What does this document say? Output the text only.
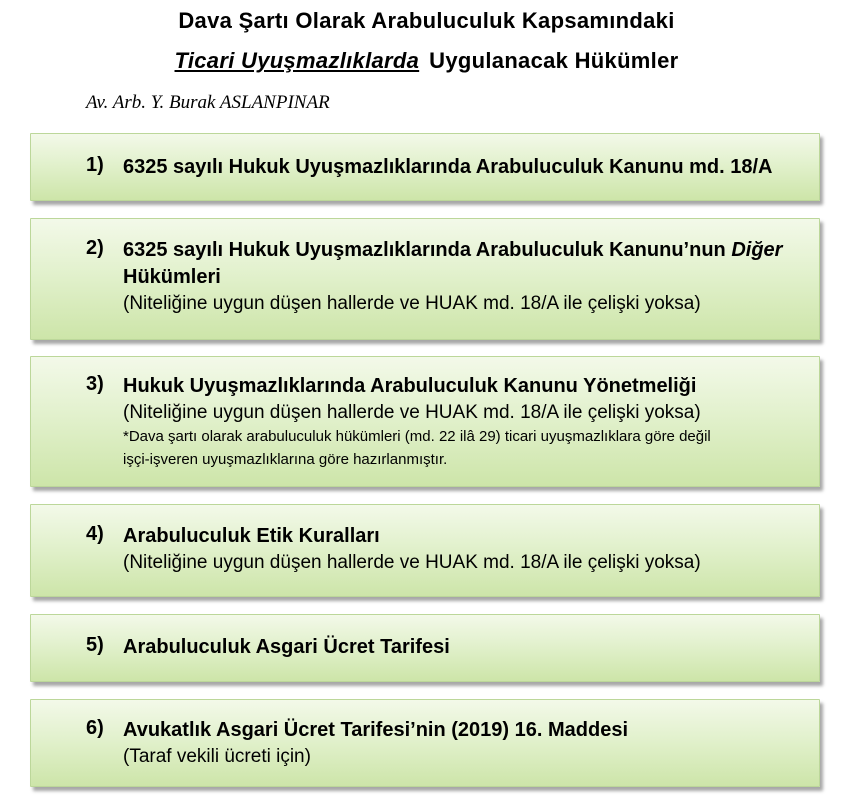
Dava Şartı Olarak Arabuluculuk Kapsamındaki
Ticari Uyuşmazlıklarda Uygulanacak Hükümler
Av. Arb. Y. Burak ASLANPINAR
1) 6325 sayılı Hukuk Uyuşmazlıklarında Arabuluculuk Kanunu md. 18/A
2) 6325 sayılı Hukuk Uyuşmazlıklarında Arabuluculuk Kanunu’nun Diğer
Hükümleri
(Niteliğine uygun düşen hallerde ve HUAK md. 18/A ile çelişki yoksa)
3) Hukuk Uyuşmazlıklarında Arabuluculuk Kanunu Yönetmeliği
(Niteliğine uygun düşen hallerde ve HUAK md. 18/A ile çelişki yoksa)
*Dava şartı olarak arabuluculuk hükümleri (md. 22 ilâ 29) ticari uyuşmazlıklara göre değil
işçi-işveren uyuşmazlıklarına göre hazırlanmıştır.
4) Arabuluculuk Etik Kuralları
(Niteliğine uygun düşen hallerde ve HUAK md. 18/A ile çelişki yoksa)
5) Arabuluculuk Asgari Ücret Tarifesi
6) Avukatlık Asgari Ücret Tarifesi’nin (2019) 16. Maddesi
(Taraf vekili ücreti için)
